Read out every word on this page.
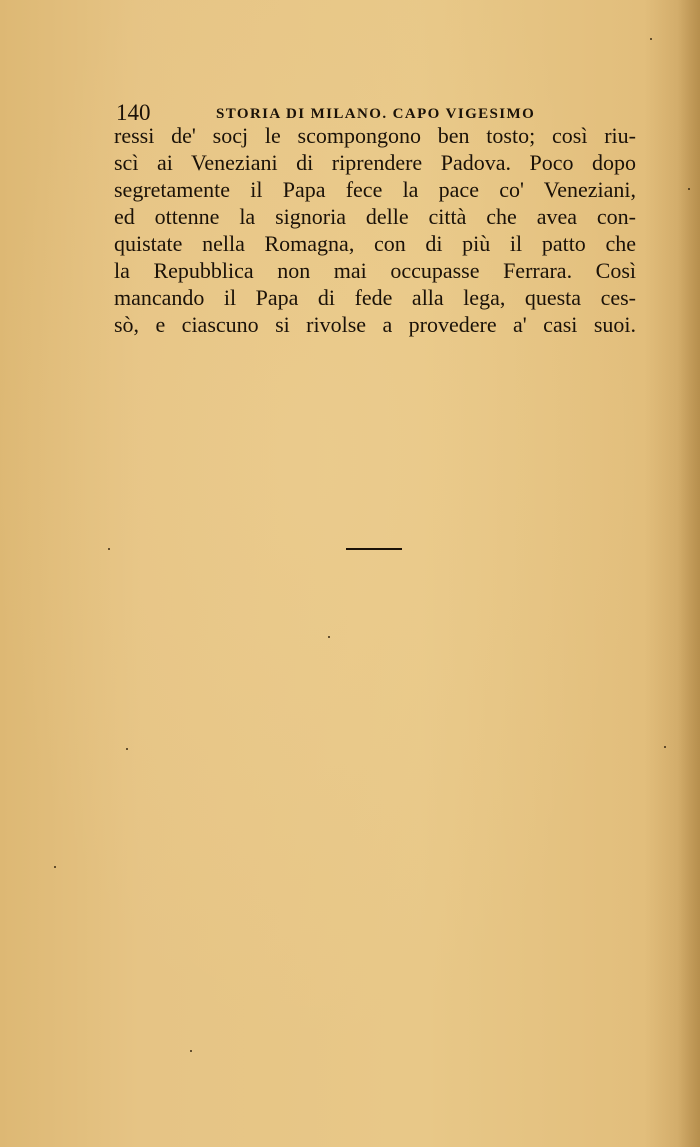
140	STORIA DI MILANO. CAPO VIGESIMO
ressi de' socj le scompongono ben tosto; così riu-
scì ai Veneziani di riprendere Padova. Poco dopo
segretamente il Papa fece la pace co' Veneziani,
ed ottenne la signoria delle città che avea con-
quistate nella Romagna, con di più il patto che
la Repubblica non mai occupasse Ferrara. Così
mancando il Papa di fede alla lega, questa ces-
sò, e ciascuno si rivolse a provedere a' casi suoi.
